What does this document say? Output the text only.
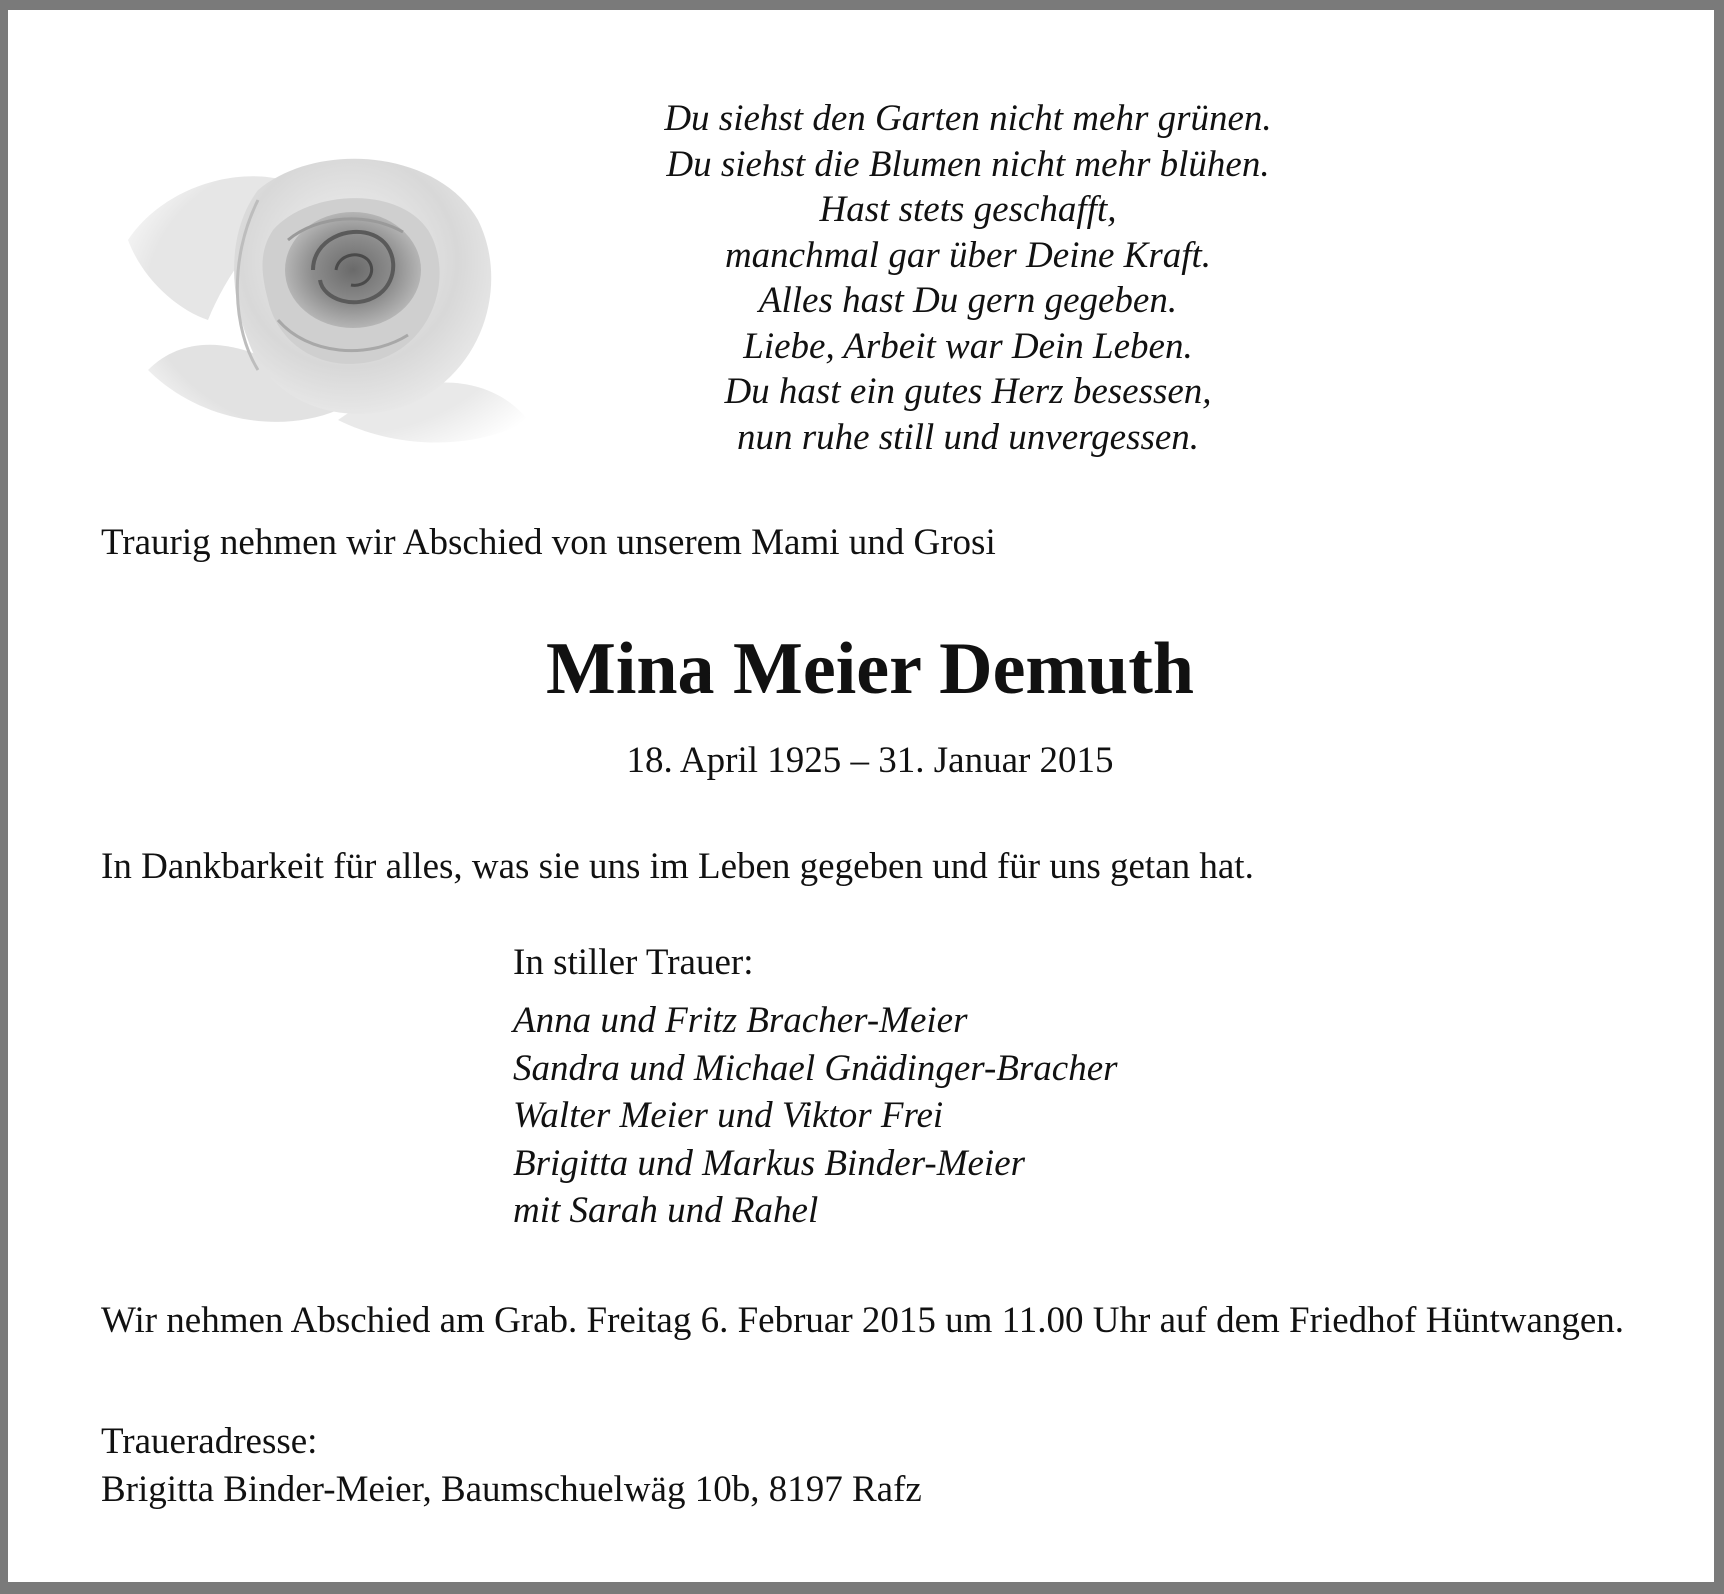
Du siehst den Garten nicht mehr grünen.
Du siehst die Blumen nicht mehr blühen.
Hast stets geschafft,
manchmal gar über Deine Kraft.
Alles hast Du gern gegeben.
Liebe, Arbeit war Dein Leben.
Du hast ein gutes Herz besessen,
nun ruhe still und unvergessen.
Traurig nehmen wir Abschied von unserem Mami und Grosi
Mina Meier Demuth
18. April 1925 – 31. Januar 2015
In Dankbarkeit für alles, was sie uns im Leben gegeben und für uns getan hat.
In stiller Trauer:
Anna und Fritz Bracher-Meier
Sandra und Michael Gnädinger-Bracher
Walter Meier und Viktor Frei
Brigitta und Markus Binder-Meier
mit Sarah und Rahel
Wir nehmen Abschied am Grab. Freitag 6. Februar 2015 um 11.00 Uhr auf dem Friedhof Hüntwangen.
Traueradresse:
Brigitta Binder-Meier, Baumschuelwäg 10b, 8197 Rafz
